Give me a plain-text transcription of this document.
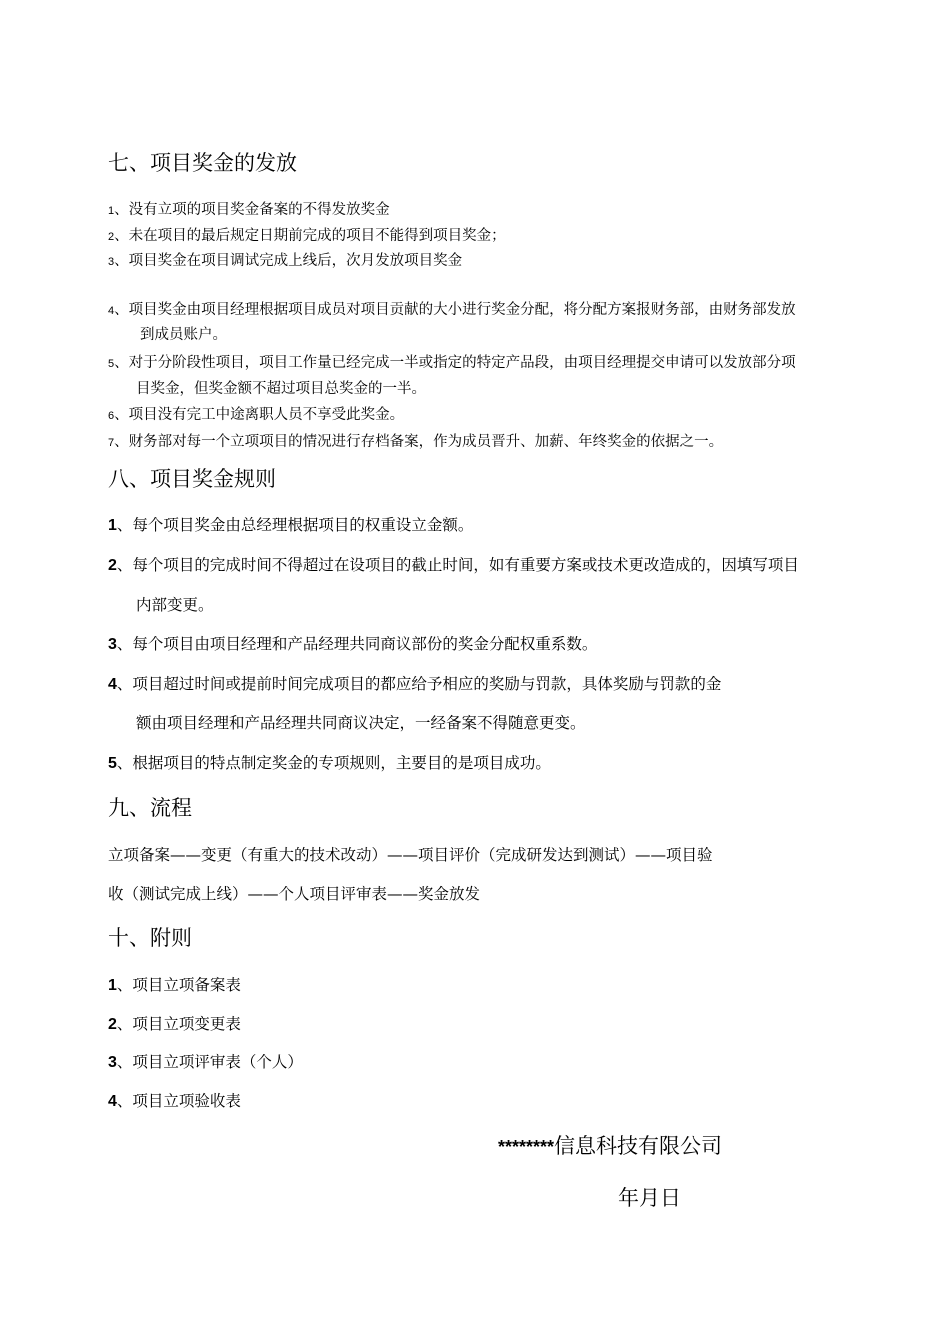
七、项目奖金的发放
1、没有立项的项目奖金备案的不得发放奖金
2、未在项目的最后规定日期前完成的项目不能得到项目奖金；
3、项目奖金在项目调试完成上线后，次月发放项目奖金
4、项目奖金由项目经理根据项目成员对项目贡献的大小进行奖金分配，将分配方案报财务部，由财务部发放
到成员账户。
5、对于分阶段性项目，项目工作量已经完成一半或指定的特定产品段，由项目经理提交申请可以发放部分项
目奖金，但奖金额不超过项目总奖金的一半。
6、项目没有完工中途离职人员不享受此奖金。
7、财务部对每一个立项项目的情况进行存档备案，作为成员晋升、加薪、年终奖金的依据之一。
八、项目奖金规则
1、每个项目奖金由总经理根据项目的权重设立金额。
2、每个项目的完成时间不得超过在设项目的截止时间，如有重要方案或技术更改造成的，因填写项目
内部变更。
3、每个项目由项目经理和产品经理共同商议部份的奖金分配权重系数。
4、项目超过时间或提前时间完成项目的都应给予相应的奖励与罚款，具体奖励与罚款的金
额由项目经理和产品经理共同商议决定，一经备案不得随意更变。
5、根据项目的特点制定奖金的专项规则，主要目的是项目成功。
九、流程
立项备案——变更（有重大的技术改动）——项目评价（完成研发达到测试）——项目验
收（测试完成上线）——个人项目评审表——奖金放发
十、附则
1、项目立项备案表
2、项目立项变更表
3、项目立项评审表（个人）
4、项目立项验收表
********信息科技有限公司
年月日
